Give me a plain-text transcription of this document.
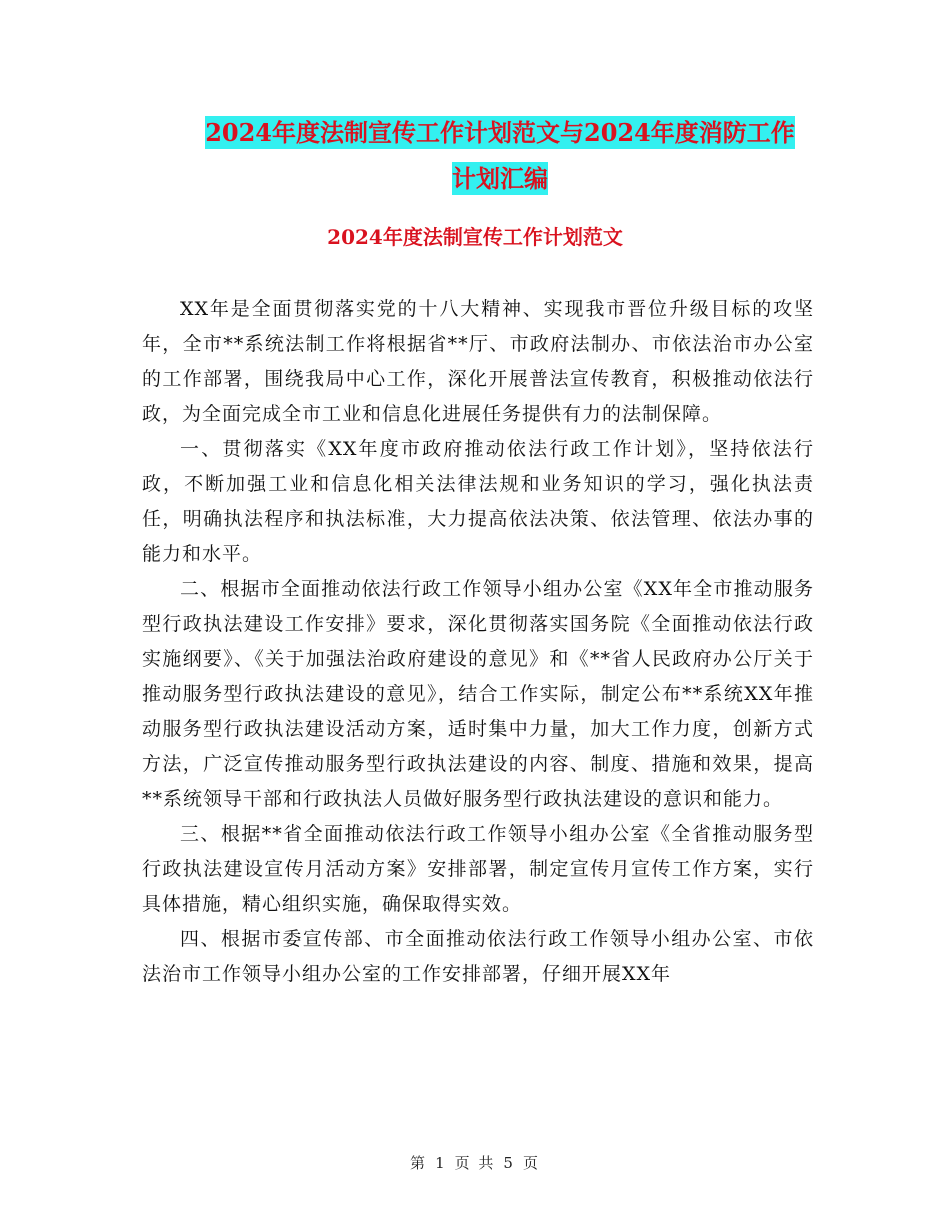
2024年度法制宣传工作计划范文与2024年度消防工作
计划汇编
2024年度法制宣传工作计划范文

XX年是全面贯彻落实党的十八大精神、实现我市晋位升级目标的攻坚年，全市**系统法制工作将根据省**厅、市政府法制办、市依法治市办公室的工作部署，围绕我局中心工作，深化开展普法宣传教育，积极推动依法行政，为全面完成全市工业和信息化进展任务提供有力的法制保障。

一、贯彻落实《XX年度市政府推动依法行政工作计划》，坚持依法行政，不断加强工业和信息化相关法律法规和业务知识的学习，强化执法责任，明确执法程序和执法标准，大力提高依法决策、依法管理、依法办事的能力和水平。

二、根据市全面推动依法行政工作领导小组办公室《XX年全市推动服务型行政执法建设工作安排》要求，深化贯彻落实国务院《全面推动依法行政实施纲要》、《关于加强法治政府建设的意见》和《**省人民政府办公厅关于推动服务型行政执法建设的意见》，结合工作实际，制定公布**系统XX年推动服务型行政执法建设活动方案，适时集中力量，加大工作力度，创新方式方法，广泛宣传推动服务型行政执法建设的内容、制度、措施和效果，提高**系统领导干部和行政执法人员做好服务型行政执法建设的意识和能力。

三、根据**省全面推动依法行政工作领导小组办公室《全省推动服务型行政执法建设宣传月活动方案》安排部署，制定宣传月宣传工作方案，实行具体措施，精心组织实施，确保取得实效。

四、根据市委宣传部、市全面推动依法行政工作领导小组办公室、市依法治市工作领导小组办公室的工作安排部署，仔细开展XX年

第 1 页 共 5 页
